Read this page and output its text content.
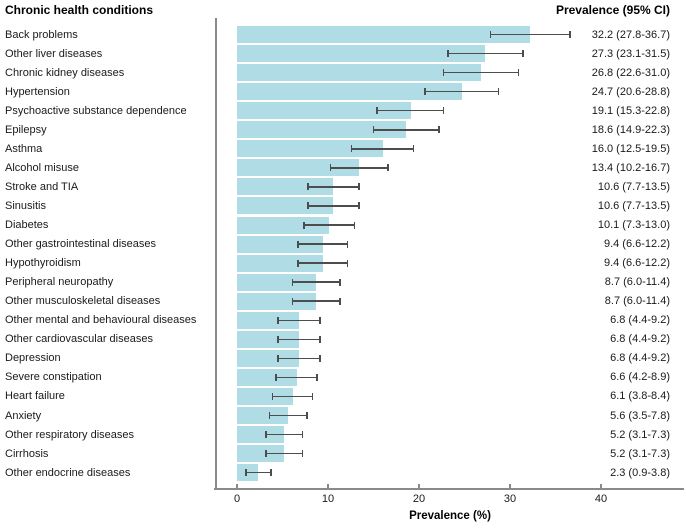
Chronic health conditions	Prevalence (95% CI)
Back problems	32.2 (27.8-36.7)
Other liver diseases	27.3 (23.1-31.5)
Chronic kidney diseases	26.8 (22.6-31.0)
Hypertension	24.7 (20.6-28.8)
Psychoactive substance dependence	19.1 (15.3-22.8)
Epilepsy	18.6 (14.9-22.3)
Asthma	16.0 (12.5-19.5)
Alcohol misuse	13.4 (10.2-16.7)
Stroke and TIA	10.6 (7.7-13.5)
Sinusitis	10.6 (7.7-13.5)
Diabetes	10.1 (7.3-13.0)
Other gastrointestinal diseases	9.4 (6.6-12.2)
Hypothyroidism	9.4 (6.6-12.2)
Peripheral neuropathy	8.7 (6.0-11.4)
Other musculoskeletal diseases	8.7 (6.0-11.4)
Other mental and behavioural diseases	6.8 (4.4-9.2)
Other cardiovascular diseases	6.8 (4.4-9.2)
Depression	6.8 (4.4-9.2)
Severe constipation	6.6 (4.2-8.9)
Heart failure	6.1 (3.8-8.4)
Anxiety	5.6 (3.5-7.8)
Other respiratory diseases	5.2 (3.1-7.3)
Cirrhosis	5.2 (3.1-7.3)
Other endocrine diseases	2.3 (0.9-3.8)
0	10	20	30	40
Prevalence (%)
